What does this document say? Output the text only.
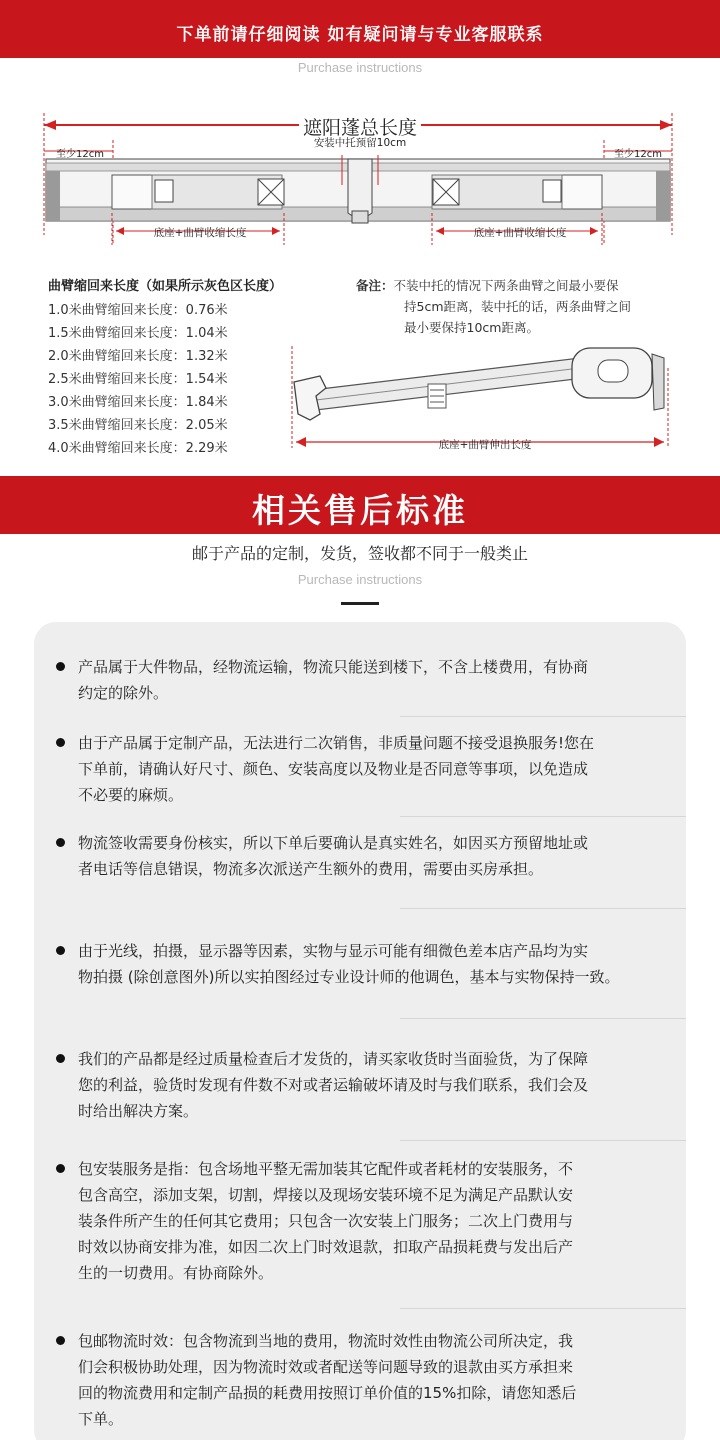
下单前请仔细阅读 如有疑问请与专业客服联系
Purchase instructions
遮阳蓬总长度
安装中托预留10cm
至少12cm	至少12cm
底座+曲臂收缩长度	底座+曲臂收缩长度
曲臂缩回来长度（如果所示灰色区长度）
1.0米曲臂缩回来长度：0.76米
1.5米曲臂缩回来长度：1.04米
2.0米曲臂缩回来长度：1.32米
2.5米曲臂缩回来长度：1.54米
3.0米曲臂缩回来长度：1.84米
3.5米曲臂缩回来长度：2.05米
4.0米曲臂缩回来长度：2.29米
备注：不装中托的情况下两条曲臂之间最小要保
持5cm距离，装中托的话，两条曲臂之间
最小要保持10cm距离。
底座+曲臂伸出长度
相关售后标准
邮于产品的定制，发货，签收都不同于一般类止
Purchase instructions
产品属于大件物品，经物流运输，物流只能送到楼下，不含上楼费用，有协商
约定的除外。
由于产品属于定制产品，无法进行二次销售，非质量问题不接受退换服务!您在
下单前，请确认好尺寸、颜色、安装高度以及物业是否同意等事项，以免造成
不必要的麻烦。
物流签收需要身份核实，所以下单后要确认是真实姓名，如因买方预留地址或
者电话等信息错误，物流多次派送产生额外的费用，需要由买房承担。
由于光线，拍摄，显示器等因素，实物与显示可能有细微色差本店产品均为实
物拍摄 (除创意图外)所以实拍图经过专业设计师的他调色，基本与实物保持一致。
我们的产品都是经过质量检查后才发货的，请买家收货时当面验货，为了保障
您的利益，验货时发现有件数不对或者运输破坏请及时与我们联系，我们会及
时给出解决方案。
包安装服务是指：包含场地平整无需加装其它配件或者耗材的安装服务，不
包含高空，添加支架，切割，焊接以及现场安装环境不足为满足产品默认安
装条件所产生的任何其它费用；只包含一次安装上门服务；二次上门费用与
时效以协商安排为准，如因二次上门时效退款，扣取产品损耗费与发出后产
生的一切费用。有协商除外。
包邮物流时效：包含物流到当地的费用，物流时效性由物流公司所决定，我
们会积极协助处理，因为物流时效或者配送等问题导致的退款由买方承担来
回的物流费用和定制产品损的耗费用按照订单价值的15%扣除，请您知悉后
下单。
